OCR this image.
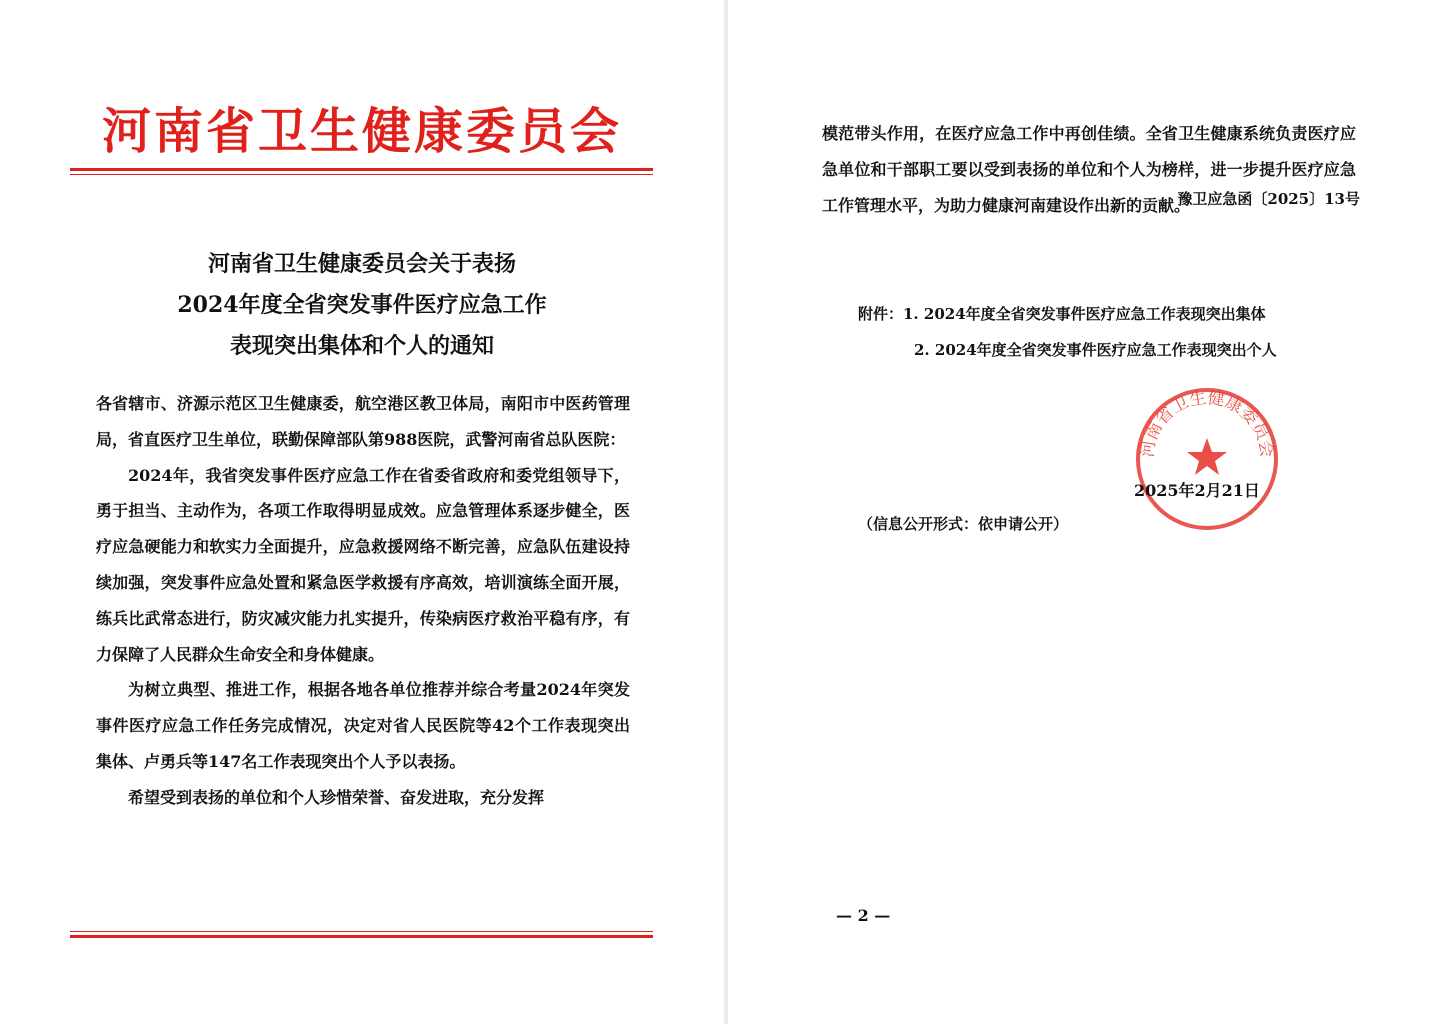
河南省卫生健康委员会
豫卫应急函〔2025〕13号
河南省卫生健康委员会关于表扬
2024年度全省突发事件医疗应急工作
表现突出集体和个人的通知

各省辖市、济源示范区卫生健康委，航空港区教卫体局，南阳市中医药管理局，省直医疗卫生单位，联勤保障部队第988医院，武警河南省总队医院：

2024年，我省突发事件医疗应急工作在省委省政府和委党组领导下，勇于担当、主动作为，各项工作取得明显成效。应急管理体系逐步健全，医疗应急硬能力和软实力全面提升，应急救援网络不断完善，应急队伍建设持续加强，突发事件应急处置和紧急医学救援有序高效，培训演练全面开展，练兵比武常态进行，防灾减灾能力扎实提升，传染病医疗救治平稳有序，有力保障了人民群众生命安全和身体健康。

为树立典型、推进工作，根据各地各单位推荐并综合考量2024年突发事件医疗应急工作任务完成情况，决定对省人民医院等42个工作表现突出集体、卢勇兵等147名工作表现突出个人予以表扬。

希望受到表扬的单位和个人珍惜荣誉、奋发进取，充分发挥

模范带头作用，在医疗应急工作中再创佳绩。全省卫生健康系统负责医疗应急单位和干部职工要以受到表扬的单位和个人为榜样，进一步提升医疗应急工作管理水平，为助力健康河南建设作出新的贡献。
附件：1. 2024年度全省突发事件医疗应急工作表现突出集体
2. 2024年度全省突发事件医疗应急工作表现突出个人
河南省卫生健康委员会
2025年2月21日
（信息公开形式：依申请公开）
— 2 —
